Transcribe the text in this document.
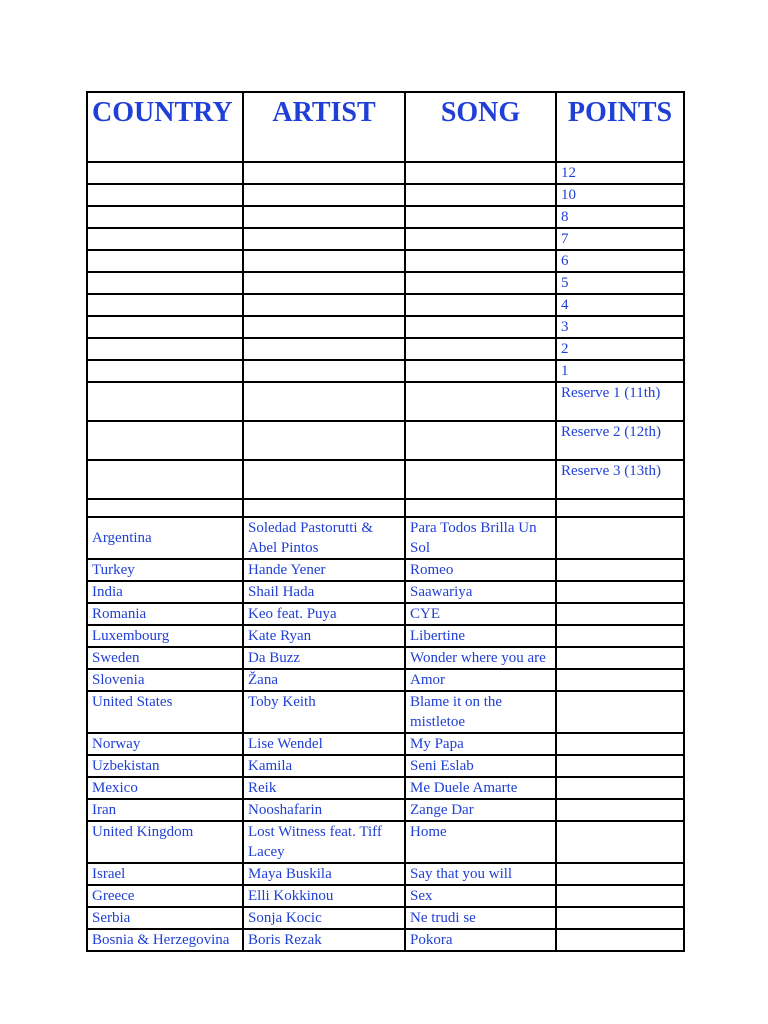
COUNTRY	ARTIST	SONG	POINTS
			12
			10
			8
			7
			6
			5
			4
			3
			2
			1
			Reserve 1 (11th)
			Reserve 2 (12th)
			Reserve 3 (13th)

Argentina	Soledad Pastorutti & Abel Pintos	Para Todos Brilla Un Sol	
Turkey	Hande Yener	Romeo	
India	Shail Hada	Saawariya	
Romania	Keo feat. Puya	CYE	
Luxembourg	Kate Ryan	Libertine	
Sweden	Da Buzz	Wonder where you are	
Slovenia	Žana	Amor	
United States	Toby Keith	Blame it on the mistletoe	
Norway	Lise Wendel	My Papa	
Uzbekistan	Kamila	Seni Eslab	
Mexico	Reik	Me Duele Amarte	
Iran	Nooshafarin	Zange Dar	
United Kingdom	Lost Witness feat. Tiff Lacey	Home	
Israel	Maya Buskila	Say that you will	
Greece	Elli Kokkinou	Sex	
Serbia	Sonja Kocic	Ne trudi se	
Bosnia & Herzegovina	Boris Rezak	Pokora	
